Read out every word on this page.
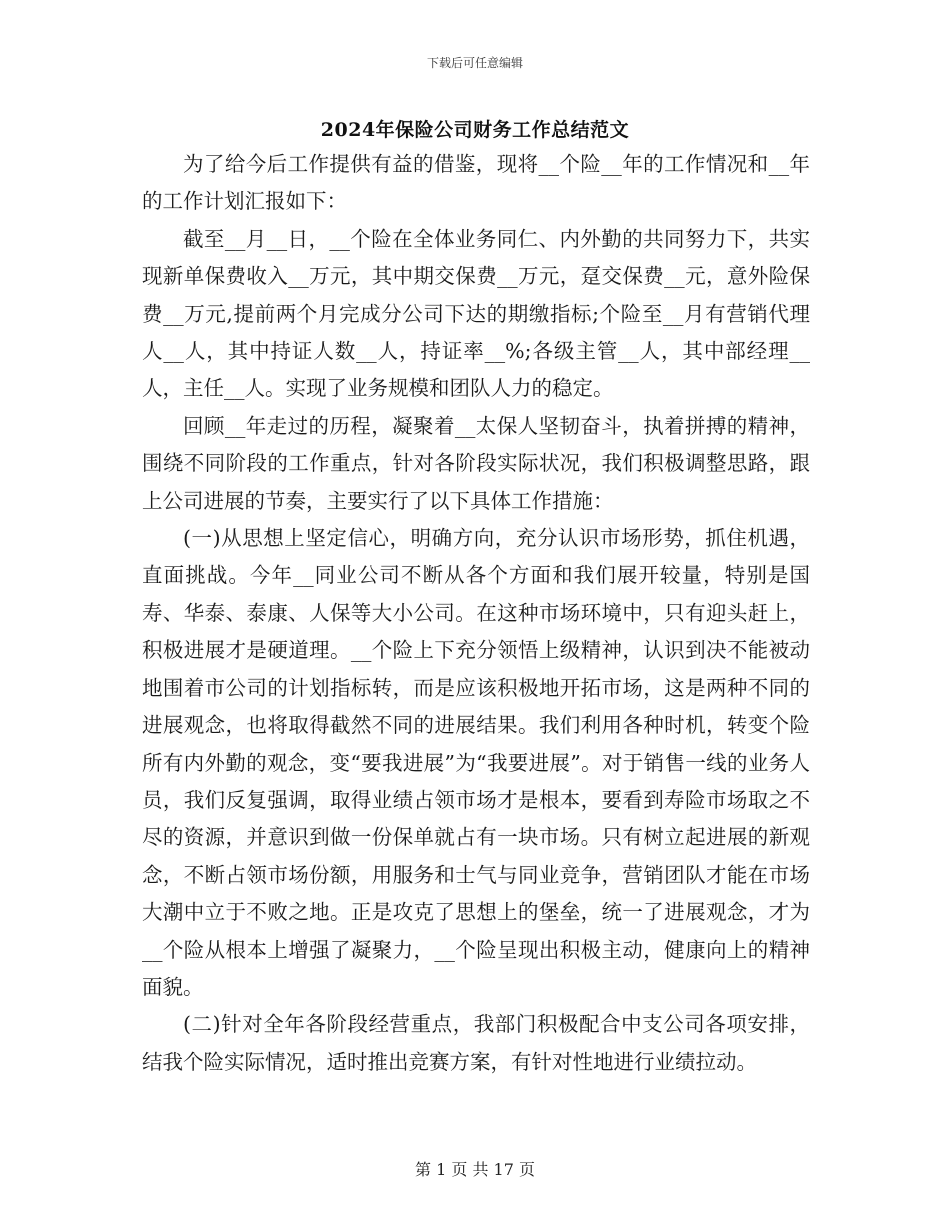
下载后可任意编辑
2024年保险公司财务工作总结范文

为了给今后工作提供有益的借鉴，现将__个险__年的工作情况和__年的工作计划汇报如下：

截至__月__日，__个险在全体业务同仁、内外勤的共同努力下，共实现新单保费收入__万元，其中期交保费__万元，趸交保费__元，意外险保费__万元,提前两个月完成分公司下达的期缴指标;个险至__月有营销代理人__人，其中持证人数__人，持证率__%;各级主管__人，其中部经理__人，主任__人。实现了业务规模和团队人力的稳定。

回顾__年走过的历程，凝聚着__太保人坚韧奋斗，执着拼搏的精神，围绕不同阶段的工作重点，针对各阶段实际状况，我们积极调整思路，跟上公司进展的节奏，主要实行了以下具体工作措施：

(一)从思想上坚定信心，明确方向，充分认识市场形势，抓住机遇，直面挑战。今年__同业公司不断从各个方面和我们展开较量，特别是国寿、华泰、泰康、人保等大小公司。在这种市场环境中，只有迎头赶上，积极进展才是硬道理。__个险上下充分领悟上级精神，认识到决不能被动地围着市公司的计划指标转，而是应该积极地开拓市场，这是两种不同的进展观念，也将取得截然不同的进展结果。我们利用各种时机，转变个险所有内外勤的观念，变“要我进展”为“我要进展”。对于销售一线的业务人员，我们反复强调，取得业绩占领市场才是根本，要看到寿险市场取之不尽的资源，并意识到做一份保单就占有一块市场。只有树立起进展的新观念，不断占领市场份额，用服务和士气与同业竞争，营销团队才能在市场大潮中立于不败之地。正是攻克了思想上的堡垒，统一了进展观念，才为__个险从根本上增强了凝聚力，__个险呈现出积极主动，健康向上的精神面貌。

(二)针对全年各阶段经营重点，我部门积极配合中支公司各项安排，结我个险实际情况，适时推出竞赛方案，有针对性地进行业绩拉动。

第 1 页 共 17 页
